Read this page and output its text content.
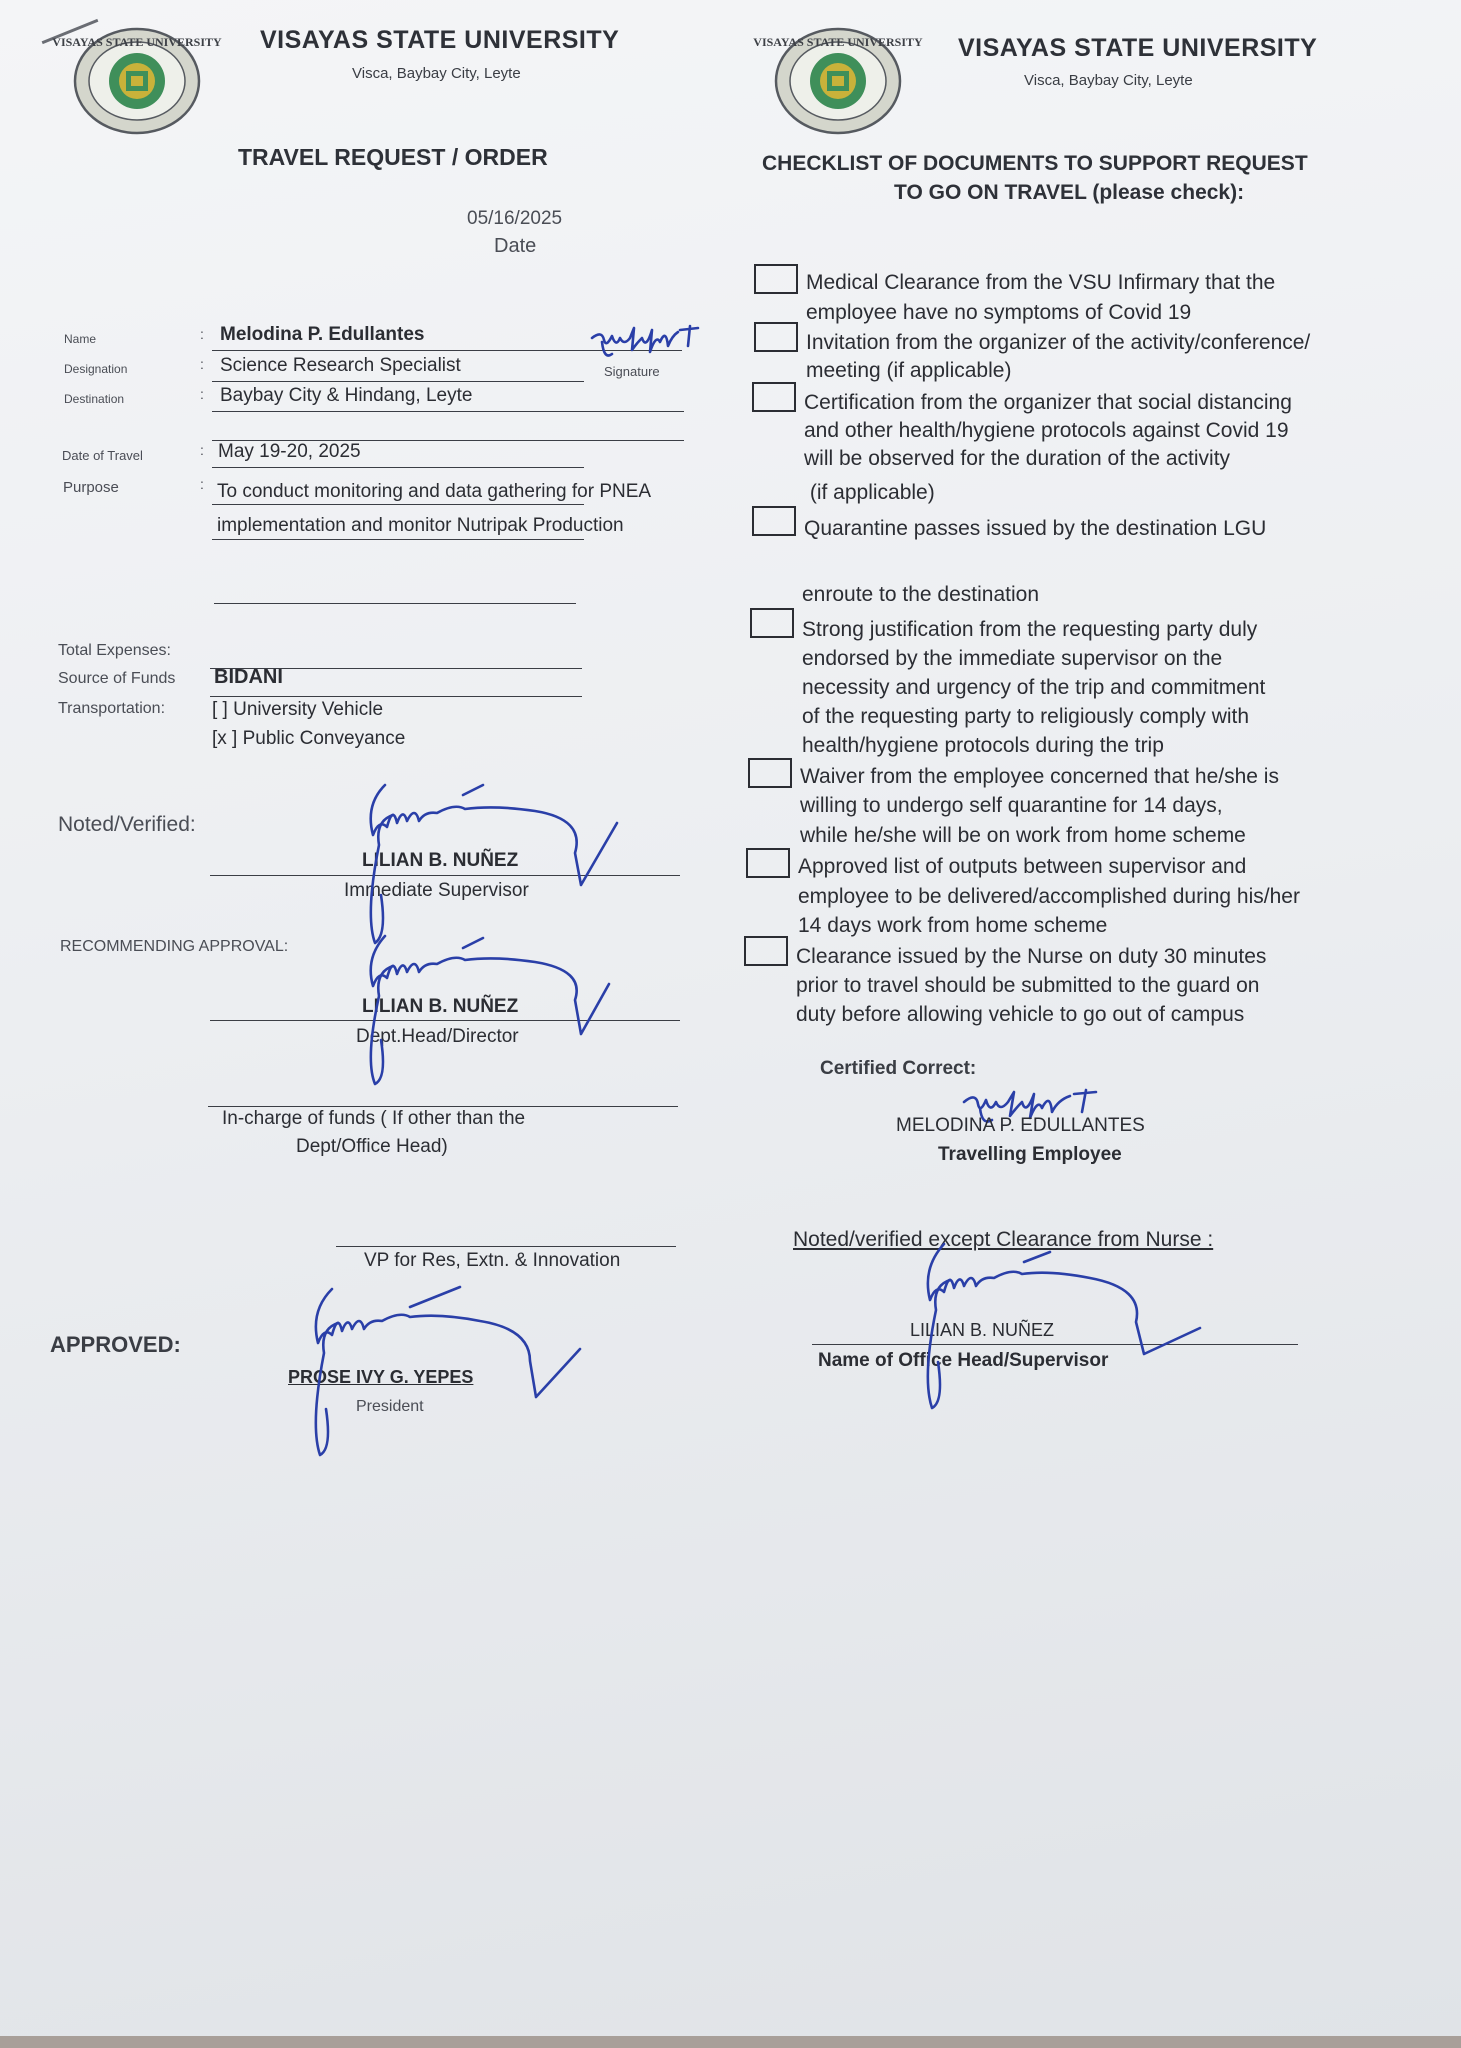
VISAYAS STATE UNIVERSITY VISAYAS STATE UNIVERSITY
Visca, Baybay City, Leyte
TRAVEL REQUEST / ORDER
05/16/2025
Date
Name	: Melodina P. Edullantes
Signature
Designation	: Science Research Specialist
Destination	: Baybay City & Hindang, Leyte
Date of Travel	: May 19-20, 2025
Purpose	: To conduct monitoring and data gathering for PNEA
implementation and monitor Nutripak Production
Total Expenses:
Source of Funds BIDANI
Transportation: [ ] University Vehicle
[x ] Public Conveyance
Noted/Verified:
LILIAN B. NUÑEZ
Immediate Supervisor
RECOMMENDING APPROVAL:
LILIAN B. NUÑEZ
Dept.Head/Director
In-charge of funds ( If other than the
Dept/Office Head)
VP for Res, Extn. & Innovation
APPROVED:
PROSE IVY G. YEPES
President
VISAYAS STATE UNIVERSITY VISAYAS STATE UNIVERSITY
Visca, Baybay City, Leyte
CHECKLIST OF DOCUMENTS TO SUPPORT REQUEST
TO GO ON TRAVEL (please check):
Medical Clearance from the VSU Infirmary that the
employee have no symptoms of Covid 19
Invitation from the organizer of the activity/conference/
meeting (if applicable)
Certification from the organizer that social distancing
and other health/hygiene protocols against Covid 19
will be observed for the duration of the activity
(if applicable)
Quarantine passes issued by the destination LGU
enroute to the destination
Strong justification from the requesting party duly
endorsed by the immediate supervisor on the
necessity and urgency of the trip and commitment
of the requesting party to religiously comply with
health/hygiene protocols during the trip
Waiver from the employee concerned that he/she is
willing to undergo self quarantine for 14 days,
while he/she will be on work from home scheme
Approved list of outputs between supervisor and
employee to be delivered/accomplished during his/her
14 days work from home scheme
Clearance issued by the Nurse on duty 30 minutes
prior to travel should be submitted to the guard on
duty before allowing vehicle to go out of campus
Certified Correct:
MELODINA P. EDULLANTES
Travelling Employee
Noted/verified except Clearance from Nurse :
LILIAN B. NUÑEZ
Name of Office Head/Supervisor
